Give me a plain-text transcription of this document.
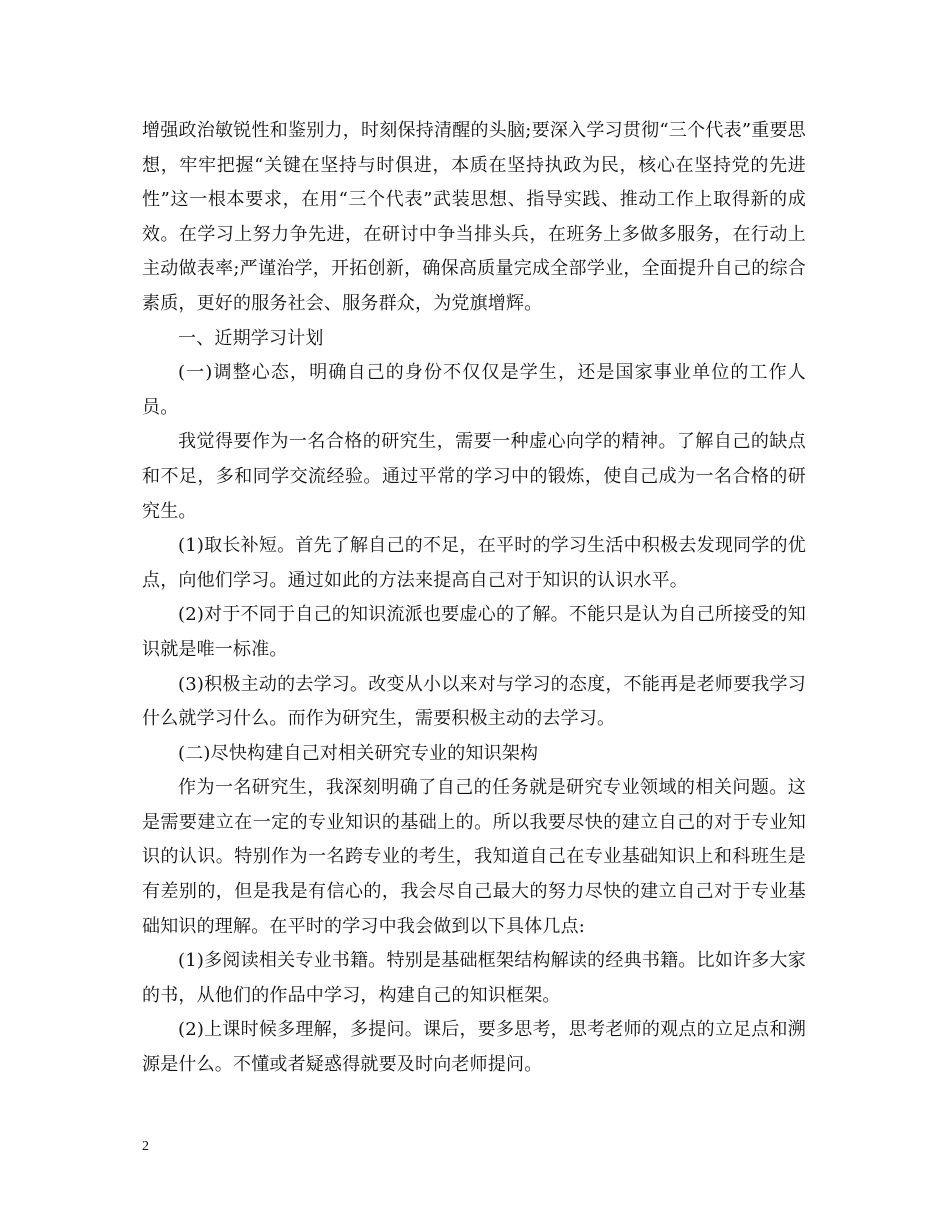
增强政治敏锐性和鉴别力，时刻保持清醒的头脑;要深入学习贯彻“三个代表”重要思想，牢牢把握“关键在坚持与时俱进，本质在坚持执政为民，核心在坚持党的先进性”这一根本要求，在用“三个代表”武装思想、指导实践、推动工作上取得新的成效。在学习上努力争先进，在研讨中争当排头兵，在班务上多做多服务，在行动上主动做表率;严谨治学，开拓创新，确保高质量完成全部学业，全面提升自己的综合素质，更好的服务社会、服务群众，为党旗增辉。

一、近期学习计划

(一)调整心态，明确自己的身份不仅仅是学生，还是国家事业单位的工作人员。

我觉得要作为一名合格的研究生，需要一种虚心向学的精神。了解自己的缺点和不足，多和同学交流经验。通过平常的学习中的锻炼，使自己成为一名合格的研究生。

(1)取长补短。首先了解自己的不足，在平时的学习生活中积极去发现同学的优点，向他们学习。通过如此的方法来提高自己对于知识的认识水平。

(2)对于不同于自己的知识流派也要虚心的了解。不能只是认为自己所接受的知识就是唯一标准。

(3)积极主动的去学习。改变从小以来对与学习的态度，不能再是老师要我学习什么就学习什么。而作为研究生，需要积极主动的去学习。

(二)尽快构建自己对相关研究专业的知识架构

作为一名研究生，我深刻明确了自己的任务就是研究专业领域的相关问题。这是需要建立在一定的专业知识的基础上的。所以我要尽快的建立自己的对于专业知识的认识。特别作为一名跨专业的考生，我知道自己在专业基础知识上和科班生是有差别的，但是我是有信心的，我会尽自己最大的努力尽快的建立自己对于专业基础知识的理解。在平时的学习中我会做到以下具体几点:

(1)多阅读相关专业书籍。特别是基础框架结构解读的经典书籍。比如许多大家的书，从他们的作品中学习，构建自己的知识框架。

(2)上课时候多理解，多提问。课后，要多思考，思考老师的观点的立足点和溯源是什么。不懂或者疑惑得就要及时向老师提问。

2
